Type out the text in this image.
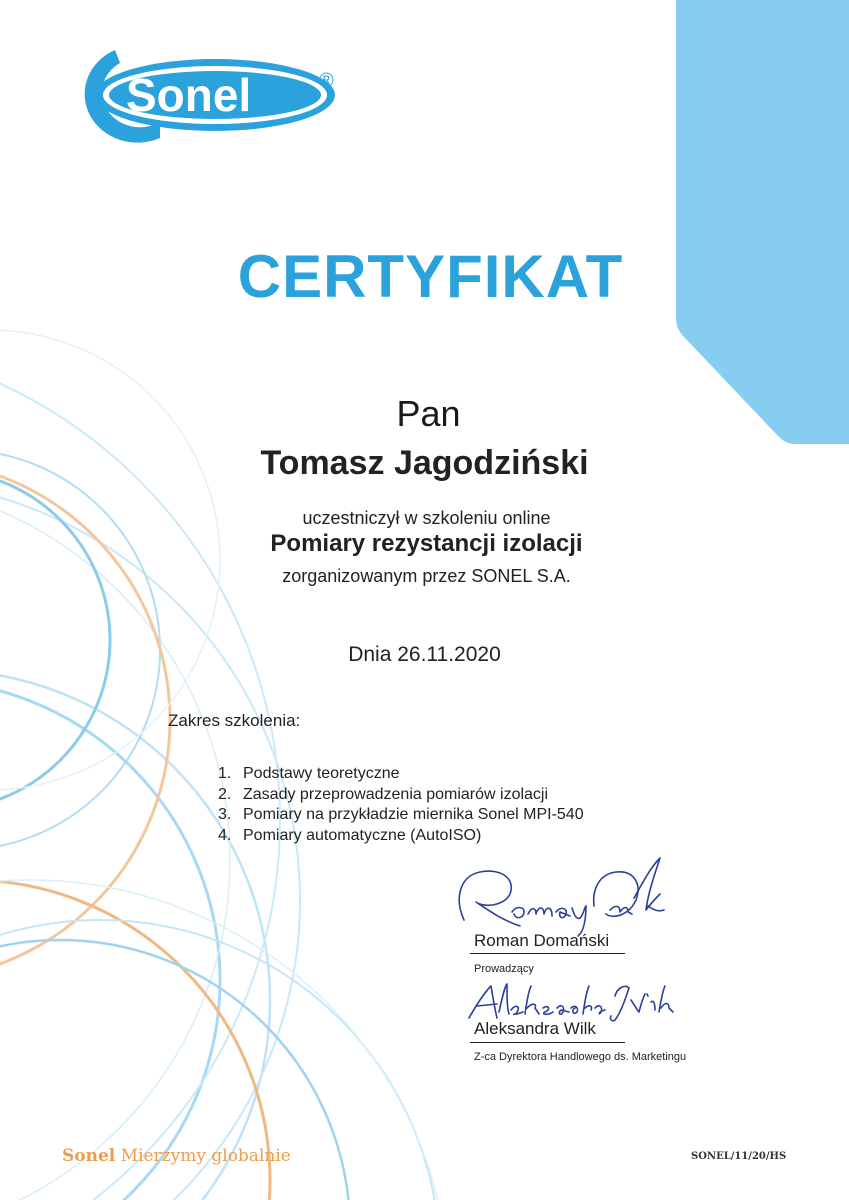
Sonel	®
CERTYFIKAT
Pan
Tomasz Jagodziński
uczestniczył w szkoleniu online
Pomiary rezystancji izolacji
zorganizowanym przez SONEL S.A.
Dnia 26.11.2020
Zakres szkolenia:
1. Podstawy teoretyczne
2. Zasady przeprowadzenia pomiarów izolacji
3. Pomiary na przykładzie miernika Sonel MPI-540
4. Pomiary automatyczne (AutoISO)
Roman Domański
Prowadzący
Aleksandra Wilk
Z-ca Dyrektora Handlowego ds. Marketingu
Sonel Mierzymy globalnie	SONEL/11/20/HS
